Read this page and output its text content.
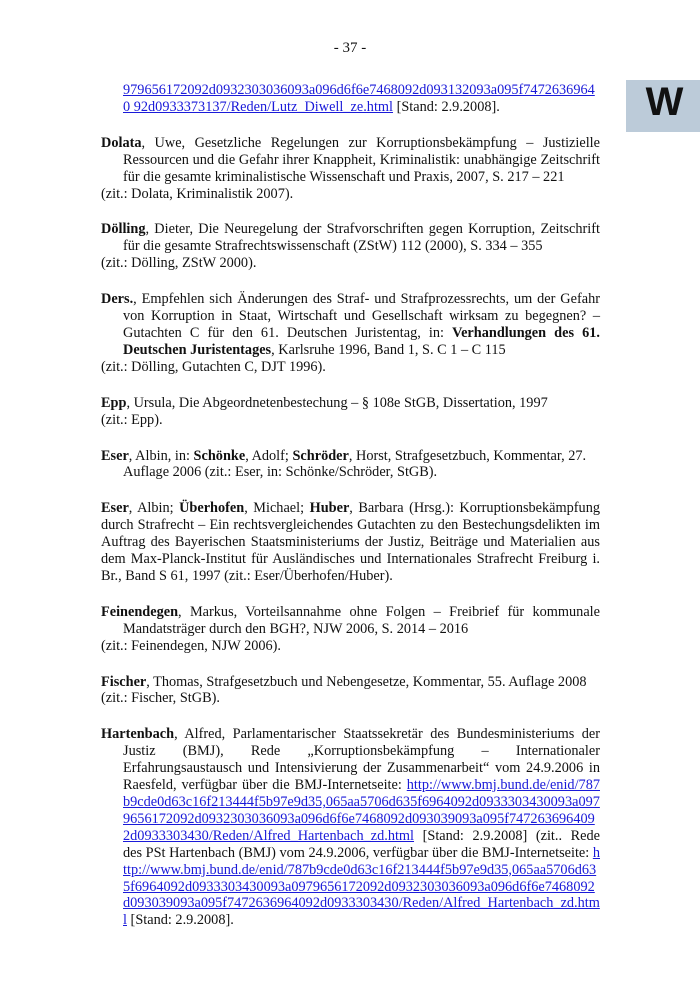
- 37 -
W

979656172092d0932303036093a096d6f6e7468092d093132093a095f74726369640 92d0933373137/Reden/Lutz_Diwell_ze.html [Stand: 2.9.2008].

Dolata, Uwe, Gesetzliche Regelungen zur Korruptionsbekämpfung – Justizielle Ressourcen und die Gefahr ihrer Knappheit, Kriminalistik: unabhängige Zeitschrift für die gesamte kriminalistische Wissenschaft und Praxis, 2007, S. 217 – 221
(zit.: Dolata, Kriminalistik 2007).

Dölling, Dieter, Die Neuregelung der Strafvorschriften gegen Korruption, Zeitschrift für die gesamte Strafrechtswissenschaft (ZStW) 112 (2000), S. 334 – 355
(zit.: Dölling, ZStW 2000).

Ders., Empfehlen sich Änderungen des Straf- und Strafprozessrechts, um der Gefahr von Korruption in Staat, Wirtschaft und Gesellschaft wirksam zu begegnen? – Gutachten C für den 61. Deutschen Juristentag, in: Verhandlungen des 61. Deutschen Juristentages, Karlsruhe 1996, Band 1, S. C 1 – C 115
(zit.: Dölling, Gutachten C, DJT 1996).

Epp, Ursula, Die Abgeordnetenbestechung – § 108e StGB, Dissertation, 1997
(zit.: Epp).

Eser, Albin, in: Schönke, Adolf; Schröder, Horst, Strafgesetzbuch, Kommentar, 27. Auflage 2006 (zit.: Eser, in: Schönke/Schröder, StGB).

Eser, Albin; Überhofen, Michael; Huber, Barbara (Hrsg.): Korruptionsbekämpfung durch Strafrecht – Ein rechtsvergleichendes Gutachten zu den Bestechungsdelikten im Auftrag des Bayerischen Staatsministeriums der Justiz, Beiträge und Materialien aus dem Max-Planck-Institut für Ausländisches und Internationales Strafrecht Freiburg i. Br., Band S 61, 1997 (zit.: Eser/Überhofen/Huber).

Feinendegen, Markus, Vorteilsannahme ohne Folgen – Freibrief für kommunale Mandatsträger durch den BGH?, NJW 2006, S. 2014 – 2016
(zit.: Feinendegen, NJW 2006).

Fischer, Thomas, Strafgesetzbuch und Nebengesetze, Kommentar, 55. Auflage 2008
(zit.: Fischer, StGB).

Hartenbach, Alfred, Parlamentarischer Staatssekretär des Bundesministeriums der Justiz (BMJ), Rede „Korruptionsbekämpfung – Internationaler Erfahrungsaustausch und Intensivierung der Zusammenarbeit“ vom 24.9.2006 in Raesfeld, verfügbar über die BMJ-Internetseite: http://www.bmj.bund.de/enid/787b9cde0d63c16f213444f5b97e9d35,065aa5706d635f6964092d0933303430093a0979656172092d0932303036093a096d6f6e7468092d093039093a095f7472636964092d0933303430/Reden/Alfred_Hartenbach_zd.html [Stand: 2.9.2008] (zit.. Rede des PSt Hartenbach (BMJ) vom 24.9.2006, verfügbar über die BMJ-Internetseite: http://www.bmj.bund.de/enid/787b9cde0d63c16f213444f5b97e9d35,065aa5706d635f6964092d0933303430093a0979656172092d0932303036093a096d6f6e7468092d093039093a095f7472636964092d0933303430/Reden/Alfred_Hartenbach_zd.html [Stand: 2.9.2008].
